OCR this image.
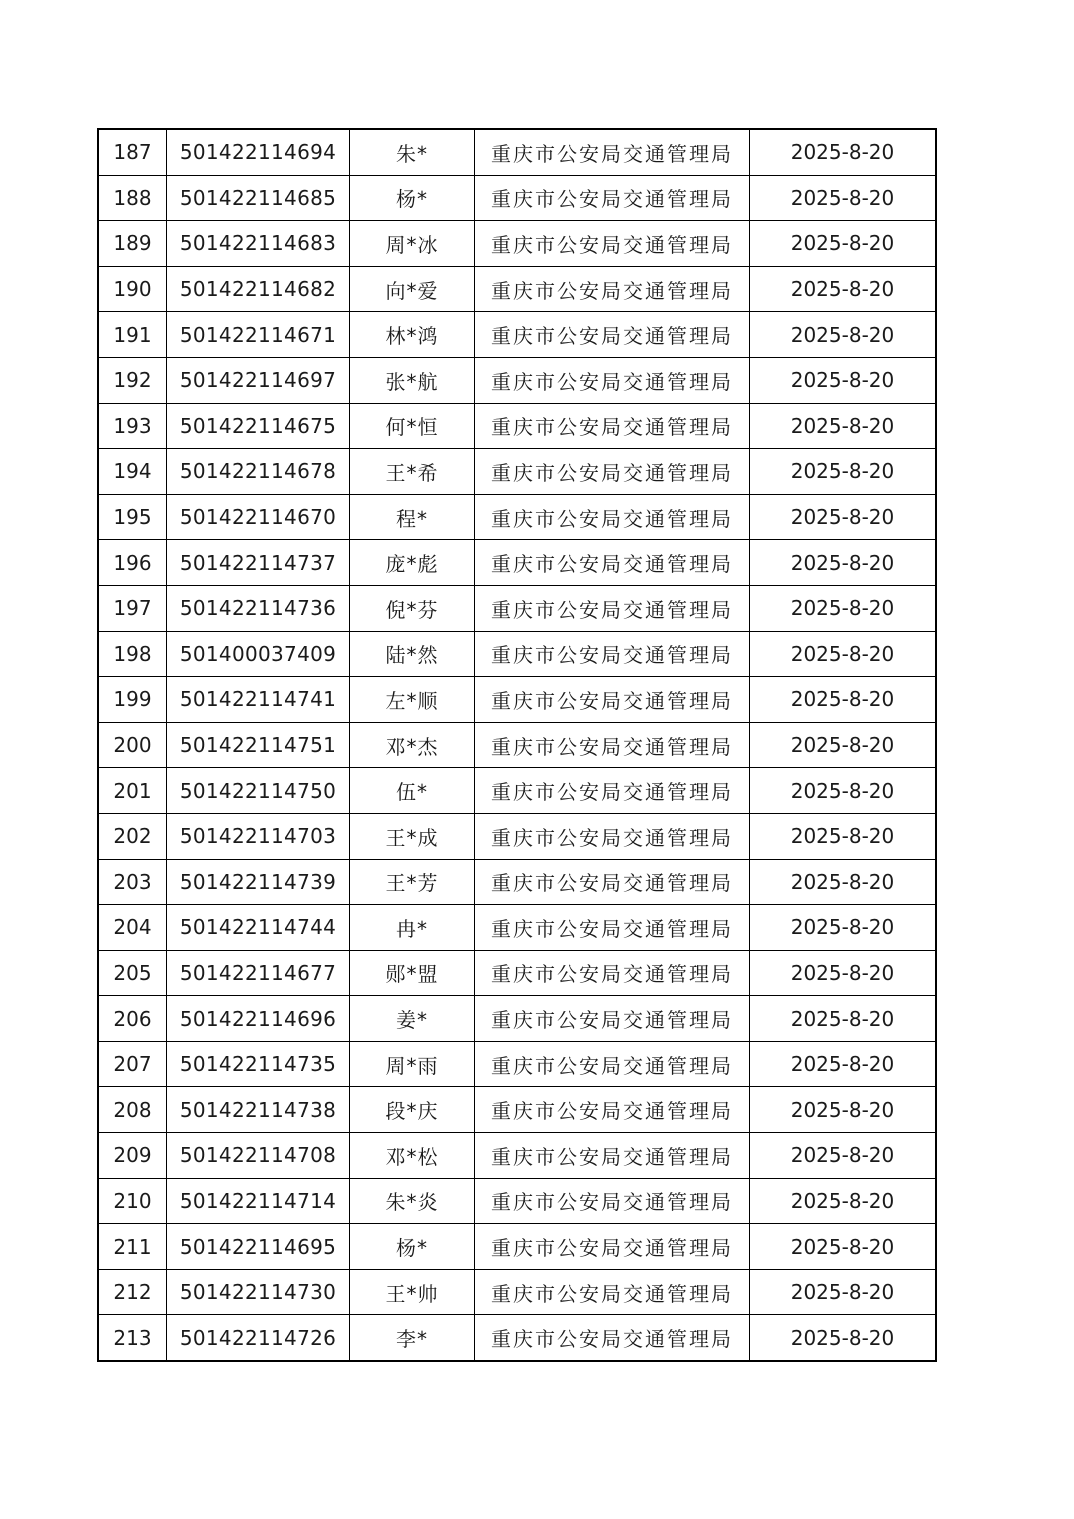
187	501422114694	朱*	重庆市公安局交通管理局	2025-8-20
188	501422114685	杨*	重庆市公安局交通管理局	2025-8-20
189	501422114683	周*冰	重庆市公安局交通管理局	2025-8-20
190	501422114682	向*爱	重庆市公安局交通管理局	2025-8-20
191	501422114671	林*鸿	重庆市公安局交通管理局	2025-8-20
192	501422114697	张*航	重庆市公安局交通管理局	2025-8-20
193	501422114675	何*恒	重庆市公安局交通管理局	2025-8-20
194	501422114678	王*希	重庆市公安局交通管理局	2025-8-20
195	501422114670	程*	重庆市公安局交通管理局	2025-8-20
196	501422114737	庞*彪	重庆市公安局交通管理局	2025-8-20
197	501422114736	倪*芬	重庆市公安局交通管理局	2025-8-20
198	501400037409	陆*然	重庆市公安局交通管理局	2025-8-20
199	501422114741	左*顺	重庆市公安局交通管理局	2025-8-20
200	501422114751	邓*杰	重庆市公安局交通管理局	2025-8-20
201	501422114750	伍*	重庆市公安局交通管理局	2025-8-20
202	501422114703	王*成	重庆市公安局交通管理局	2025-8-20
203	501422114739	王*芳	重庆市公安局交通管理局	2025-8-20
204	501422114744	冉*	重庆市公安局交通管理局	2025-8-20
205	501422114677	郧*盟	重庆市公安局交通管理局	2025-8-20
206	501422114696	姜*	重庆市公安局交通管理局	2025-8-20
207	501422114735	周*雨	重庆市公安局交通管理局	2025-8-20
208	501422114738	段*庆	重庆市公安局交通管理局	2025-8-20
209	501422114708	邓*松	重庆市公安局交通管理局	2025-8-20
210	501422114714	朱*炎	重庆市公安局交通管理局	2025-8-20
211	501422114695	杨*	重庆市公安局交通管理局	2025-8-20
212	501422114730	王*帅	重庆市公安局交通管理局	2025-8-20
213	501422114726	李*	重庆市公安局交通管理局	2025-8-20
